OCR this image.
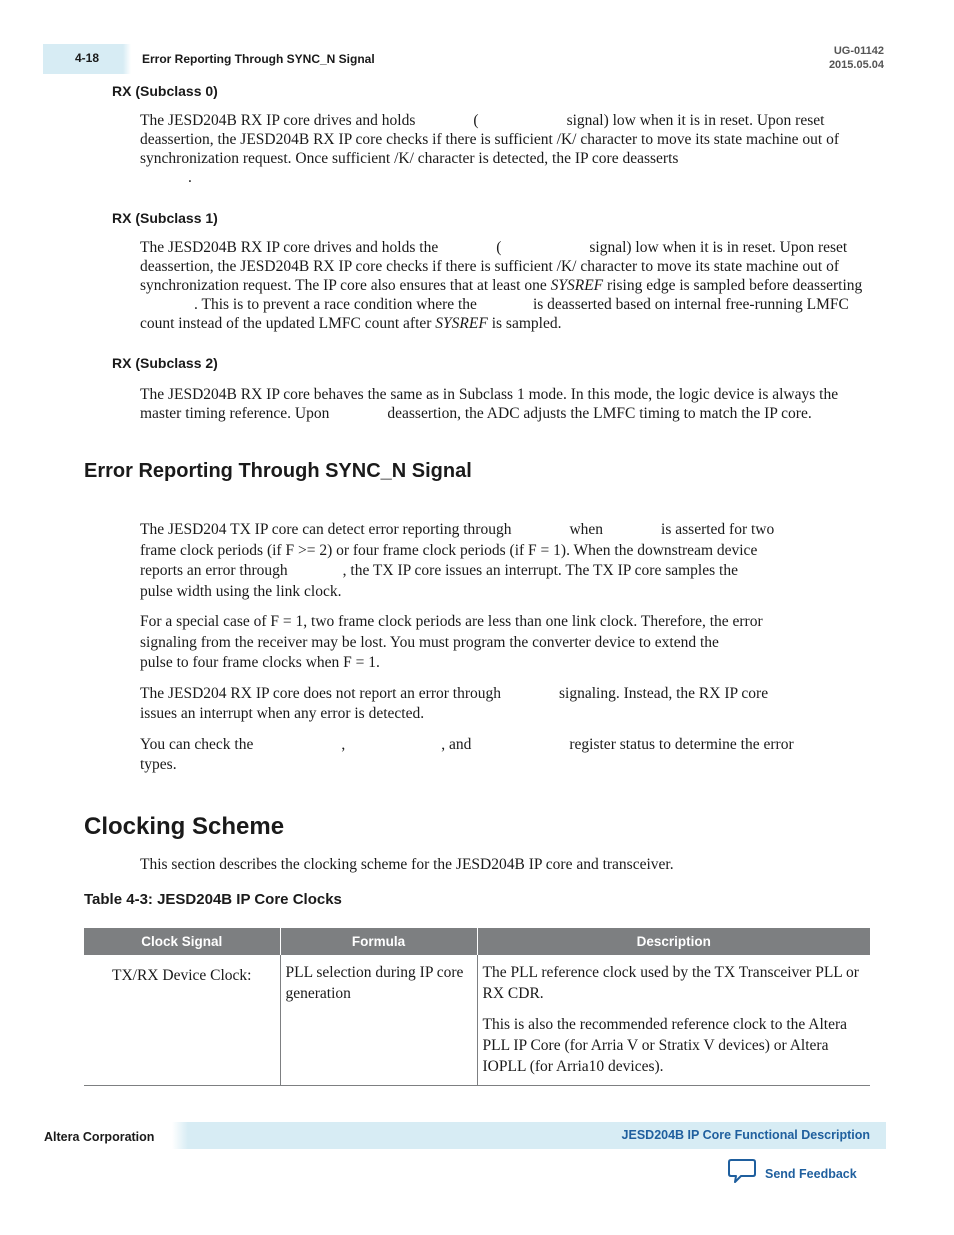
4-18	Error Reporting Through SYNC_N Signal
UG-01142
2015.05.04
RX (Subclass 0)

The JESD204B RX IP core drives and holds	(	signal) low when it is in reset. Upon reset deassertion, the JESD204B RX IP core checks if there is sufficient /K/ character to move its state machine out of synchronization request. Once sufficient /K/ character is detected, the IP core deasserts
.

RX (Subclass 1)

The JESD204B RX IP core drives and holds the	(	signal) low when it is in reset. Upon reset deassertion, the JESD204B RX IP core checks if there is sufficient /K/ character to move its state machine out of synchronization request. The IP core also ensures that at least one SYSREF rising edge is sampled before deasserting. This is to prevent a race condition where the	is deasserted based on internal free-running LMFC count instead of the updated LMFC count after SYSREF is sampled.

RX (Subclass 2)

The JESD204B RX IP core behaves the same as in Subclass 1 mode. In this mode, the logic device is always the master timing reference. Upon	deassertion, the ADC adjusts the LMFC timing to match the IP core.

Error Reporting Through SYNC_N Signal

The JESD204 TX IP core can detect error reporting through	when	is asserted for two
frame clock periods (if F >= 2) or four frame clock periods (if F = 1). When the downstream device
reports an error through	, the TX IP core issues an interrupt. The TX IP core samples the
pulse width using the link clock.

For a special case of F = 1, two frame clock periods are less than one link clock. Therefore, the error
signaling from the receiver may be lost. You must program the converter device to extend the
pulse to four frame clocks when F = 1.

The JESD204 RX IP core does not report an error through	signaling. Instead, the RX IP core
issues an interrupt when any error is detected.

You can check the	,	, and	register status to determine the error
types.

Clocking Scheme
This section describes the clocking scheme for the JESD204B IP core and transceiver.
Table 4-3: JESD204B IP Core Clocks
Clock Signal	Formula	Description
TX/RX Device Clock:	PLL selection during IP core generation	The PLL reference clock used by the TX Transceiver PLL or RX CDR.

This is also the recommended reference clock to the Altera PLL IP Core (for Arria V or Stratix V devices) or Altera IOPLL (for Arria10 devices).

Altera Corporation	JESD204B IP Core Functional Description
Send Feedback
